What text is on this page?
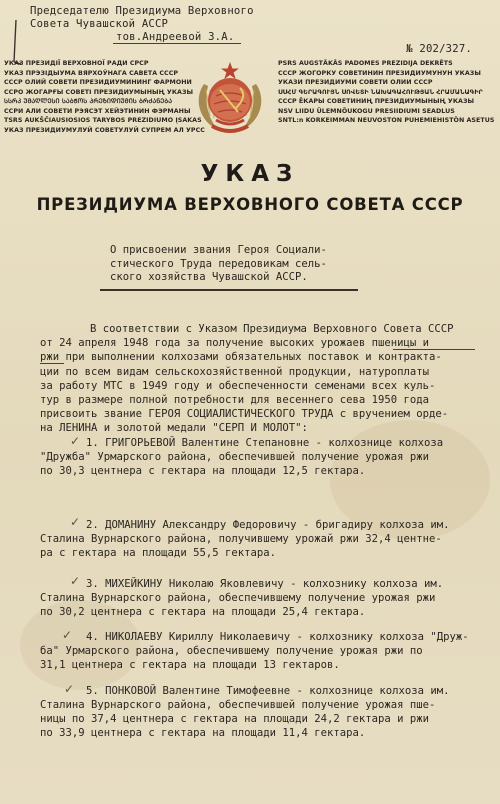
Председателю Президиума Верховного
Совета Чувашской АССР
тов.Андреевой З.А.
№ 202/327.
УКАЗ ПРЕЗИДІЇ ВЕРХОВНОЇ РАДИ СРСР
УКАЗ ПРЭЗІДЫУМА ВЯРХОЎНАГА САВЕТА СССР
СССР ОЛИЙ СОВЕТИ ПРЕЗИДИУМИНИНГ ФАРМОНИ
ССРО ЖОГАРҒЫ СОВЕТІ ПРЕЗИДИУМЫНЫҢ УКАЗЫ
ᲡᲡᲠᲙ ᲣᲛᲐᲦᲚᲔᲡᲘ ᲡᲐᲑᲭᲝᲡ ᲞᲠᲔᲖᲘᲓᲘᲣᲛᲘᲡ ᲑᲠᲫᲐᲜᲔᲑᲐ
ССРИ АЛИ СОВЕТИ РЭЯСЭТ ХЕЙЭТИНИН ФЭРМАНЫ
TSRS AUKŠČIAUSIOSIOS TARYBOS PREZIDIUMO ĮSAKAS
УКАЗ ПРЕЗИДИУМУЛУЙ СОВЕТУЛУЙ СУПРЕМ АЛ УРСС
PSRS AUGSTĀKĀS PADOMES PREZIDIJA DEKRĒTS
СССР ЖОГОРКУ СОВЕТИНИН ПРЕЗИДИУМУНУН УКАЗЫ
УКАЗИ ПРЕЗИДИУМИ СОВЕТИ ОЛИИ СССР
ՍՍՀՄ ԳԵՐԱԳՈՒՅՆ ՍՈՎԵՏԻ ՆԱԽԱԳԱՀՈՒԹՅԱՆ ՀՐԱՄԱՆԱԳԻՐ
СССР ЁКАРЫ СОВЕТИНИҢ ПРЕЗИДИУМЫНЫҢ УКАЗЫ
NSV LIIDU ÜLEMNÕUKOGU PRESIIDIUMI SEADLUS
SNTL:n KORKEIMMAN NEUVOSTON PUHEMIEHISTÖN ASETUS
УКАЗ
ПРЕЗИДИУМА ВЕРХОВНОГО СОВЕТА СССР
О присвоении звания Героя Социали-
стического Труда передовикам сель-
ского хозяйства Чувашской АССР.
В соответствии с Указом Президиума Верховного Совета СССР
от 24 апреля 1948 года за получение высоких урожаев пшеницы и
ржи при выполнении колхозами обязательных поставок и контракта-
ции по всем видам сельскохозяйственной продукции, натуроплаты
за работу МТС в 1949 году и обеспеченности семенами всех куль-
тур в размере полной потребности для весеннего сева 1950 года
присвоить звание ГЕРОЯ СОЦИАЛИСТИЧЕСКОГО ТРУДА с вручением орде-
на ЛЕНИНА и золотой медали "СЕРП И МОЛОТ":
✓ 1. ГРИГОРЬЕВОЙ Валентине Степановне - колхознице колхоза
"Дружба" Урмарского района, обеспечившей получение урожая ржи
по 30,3 центнера с гектара на площади 12,5 гектара.
✓ 2. ДОМАНИНУ Александру Федоровичу - бригадиру колхоза им.
Сталина Вурнарского района, получившему урожай ржи 32,4 центне-
ра с гектара на площади 55,5 гектара.
✓ 3. МИХЕЙКИНУ Николаю Яковлевичу - колхознику колхоза им.
Сталина Вурнарского района, обеспечившему получение урожая ржи
по 30,2 центнера с гектара на площади 25,4 гектара.
✓ 4. НИКОЛАЕВУ Кириллу Николаевичу - колхознику колхоза "Друж-
ба" Урмарского района, обеспечившему получение урожая ржи по
31,1 центнера с гектара на площади 13 гектаров.
✓ 5. ПОНКОВОЙ Валентине Тимофеевне - колхознице колхоза им.
Сталина Вурнарского района, обеспечившей получение урожая пше-
ницы по 37,4 центнера с гектара на площади 24,2 гектара и ржи
по 33,9 центнера с гектара на площади 11,4 гектара.
